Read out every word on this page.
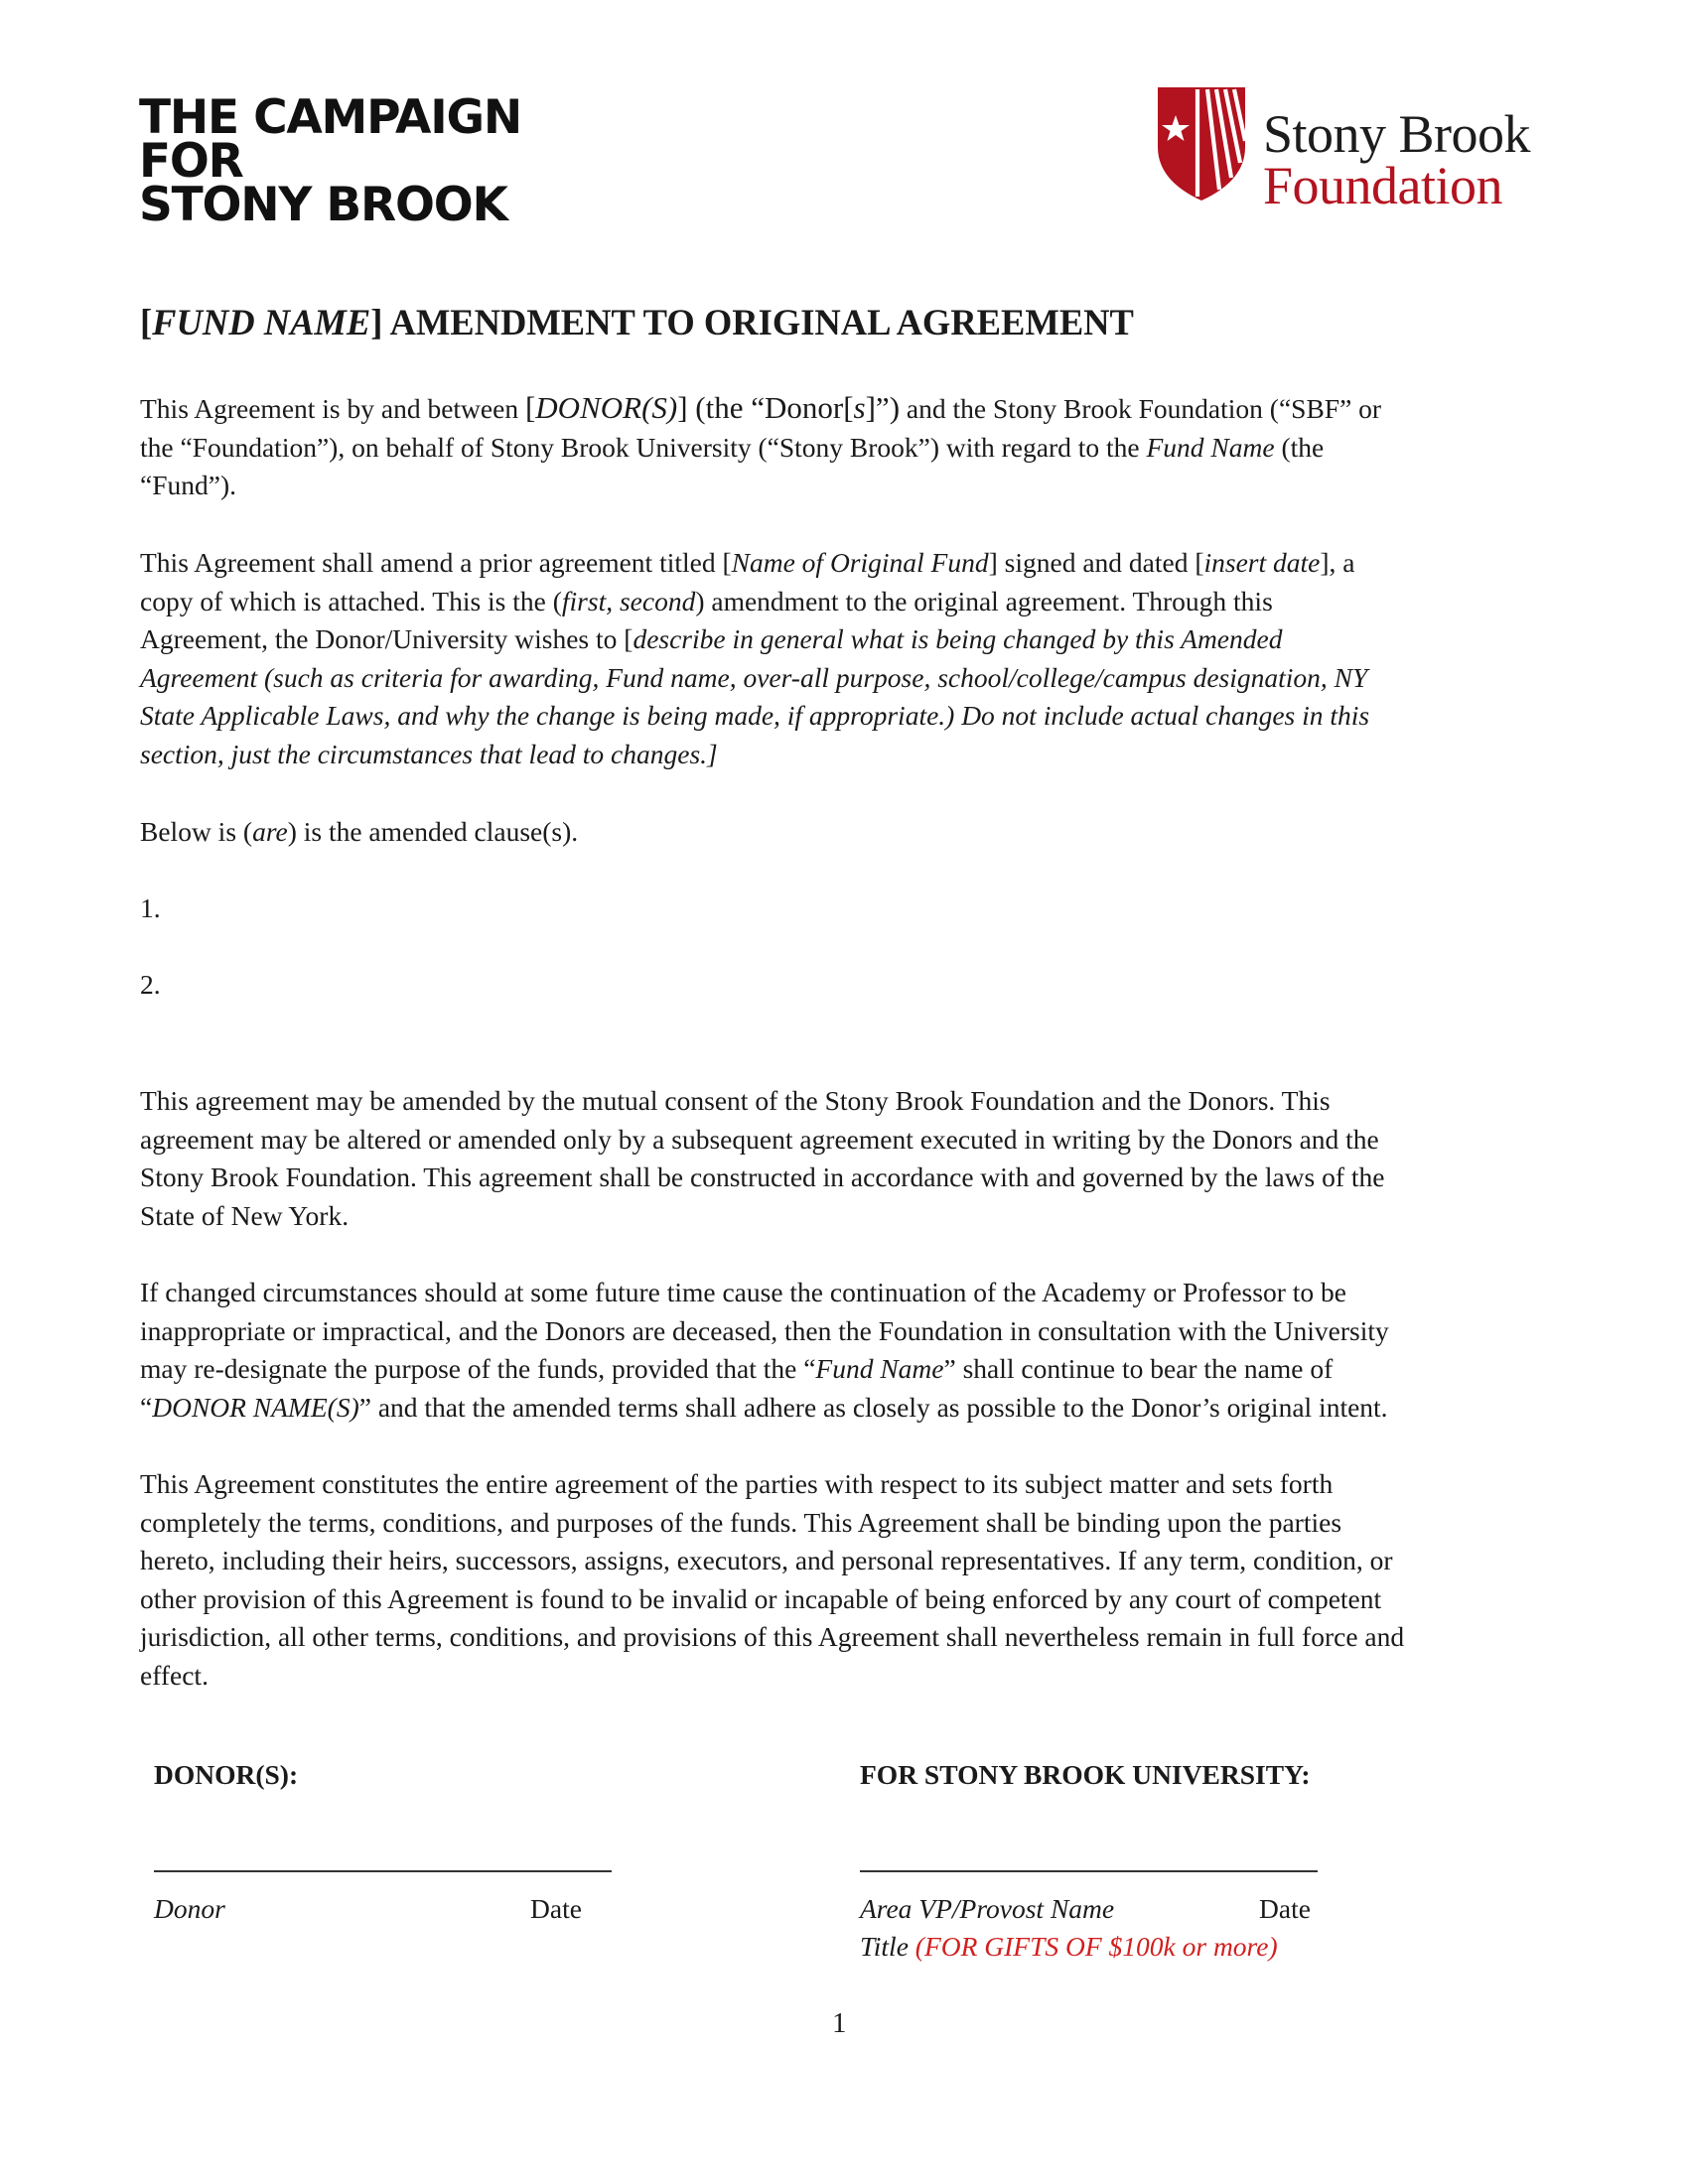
THE CAMPAIGN
FOR
STONY BROOK
Stony Brook
Foundation
[FUND NAME] AMENDMENT TO ORIGINAL AGREEMENT
This Agreement is by and between [DONOR(S)] (the “Donor[s]”) and the Stony Brook Foundation (“SBF” or
the “Foundation”), on behalf of Stony Brook University (“Stony Brook”) with regard to the Fund Name (the
“Fund”).
This Agreement shall amend a prior agreement titled [Name of Original Fund] signed and dated [insert date], a
copy of which is attached. This is the (first, second) amendment to the original agreement. Through this
Agreement, the Donor/University wishes to [describe in general what is being changed by this Amended
Agreement (such as criteria for awarding, Fund name, over-all purpose, school/college/campus designation, NY
State Applicable Laws, and why the change is being made, if appropriate.) Do not include actual changes in this
section, just the circumstances that lead to changes.]
Below is (are) is the amended clause(s).
1.
2.
This agreement may be amended by the mutual consent of the Stony Brook Foundation and the Donors. This
agreement may be altered or amended only by a subsequent agreement executed in writing by the Donors and the
Stony Brook Foundation. This agreement shall be constructed in accordance with and governed by the laws of the
State of New York.
If changed circumstances should at some future time cause the continuation of the Academy or Professor to be
inappropriate or impractical, and the Donors are deceased, then the Foundation in consultation with the University
may re-designate the purpose of the funds, provided that the “Fund Name” shall continue to bear the name of
“DONOR NAME(S)” and that the amended terms shall adhere as closely as possible to the Donor’s original intent.
This Agreement constitutes the entire agreement of the parties with respect to its subject matter and sets forth
completely the terms, conditions, and purposes of the funds. This Agreement shall be binding upon the parties
hereto, including their heirs, successors, assigns, executors, and personal representatives. If any term, condition, or
other provision of this Agreement is found to be invalid or incapable of being enforced by any court of competent
jurisdiction, all other terms, conditions, and provisions of this Agreement shall nevertheless remain in full force and
effect.
DONOR(S):	FOR STONY BROOK UNIVERSITY:
Donor	Date	Area VP/Provost Name	Date
Title (FOR GIFTS OF $100k or more)
1
